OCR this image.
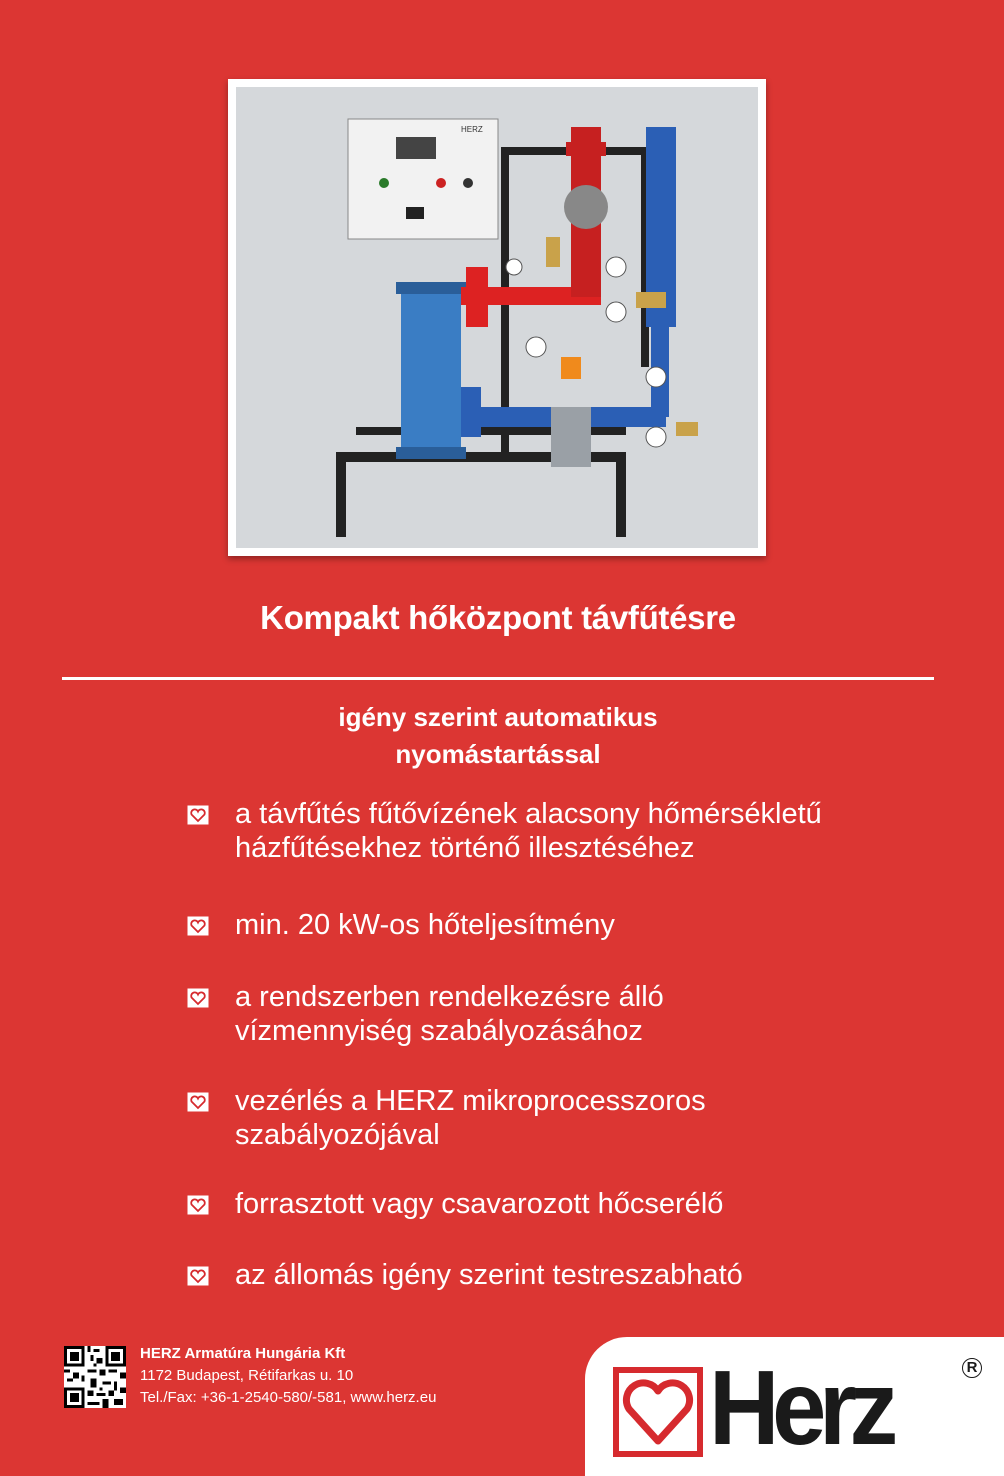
HERZ
Kompakt hőközpont távfűtésre
igény szerint automatikus
nyomástartással
a távfűtés fűtővízének alacsony hőmérsékletű
házfűtésekhez történő illesztéséhez
min. 20 kW-os hőteljesítmény
a rendszerben rendelkezésre álló
vízmennyiség szabályozásához
vezérlés a HERZ mikroprocesszoros
szabályozójával
forrasztott vagy csavarozott hőcserélő
az állomás igény szerint testreszabható
HERZ Armatúra Hungária Kft
1172 Budapest, Rétifarkas u. 10
Tel./Fax: +36-1-2540-580/-581, www.herz.eu	Herz	R
